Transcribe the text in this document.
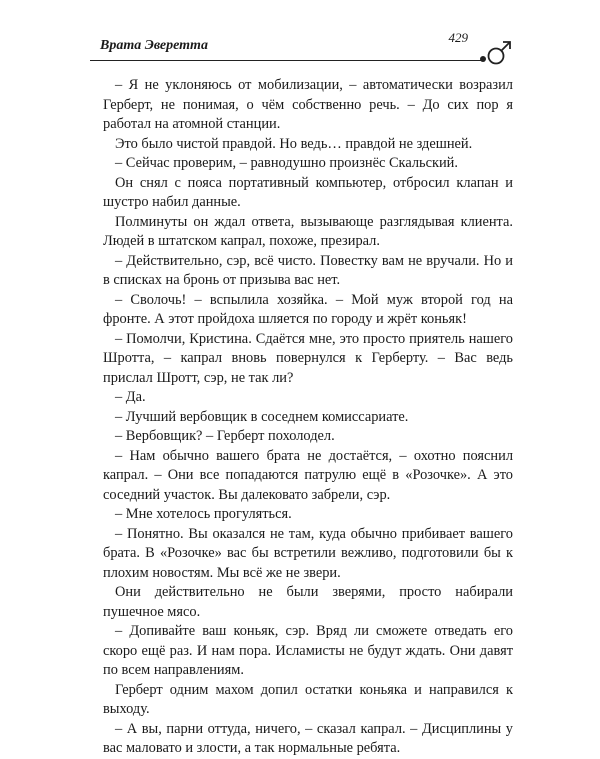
Врата Эверетта
429

– Я не уклоняюсь от мобилизации, – автоматически возразил Герберт, не понимая, о чём собственно речь. – До сих пор я работал на атомной станции.

Это было чистой правдой. Но ведь… правдой не здешней.

– Сейчас проверим, – равнодушно произнёс Скальский.

Он снял с пояса портативный компьютер, отбросил клапан и шустро набил данные.

Полминуты он ждал ответа, вызывающе разглядывая клиента. Людей в штатском капрал, похоже, презирал.

– Действительно, сэр, всё чисто. Повестку вам не вручали. Но и в списках на бронь от призыва вас нет.

– Сволочь! – вспылила хозяйка. – Мой муж второй год на фронте. А этот пройдоха шляется по городу и жрёт коньяк!

– Помолчи, Кристина. Сдаётся мне, это просто приятель нашего Шротта, – капрал вновь повернулся к Герберту. – Вас ведь прислал Шротт, сэр, не так ли?

– Да.

– Лучший вербовщик в соседнем комиссариате.

– Вербовщик? – Герберт похолодел.

– Нам обычно вашего брата не достаётся, – охотно пояснил капрал. – Они все попадаются патрулю ещё в «Розочке». А это соседний участок. Вы далековато забрели, сэр.

– Мне хотелось прогуляться.

– Понятно. Вы оказался не там, куда обычно прибивает вашего брата. В «Розочке» вас бы встретили вежливо, подготовили бы к плохим новостям. Мы всё же не звери.

Они действительно не были зверями, просто набирали пушечное мясо.

– Допивайте ваш коньяк, сэр. Вряд ли сможете отведать его скоро ещё раз. И нам пора. Исламисты не будут ждать. Они давят по всем направлениям.

Герберт одним махом допил остатки коньяка и направился к выходу.

– А вы, парни оттуда, ничего, – сказал капрал. – Дисциплины у вас маловато и злости, а так нормальные ребята.
